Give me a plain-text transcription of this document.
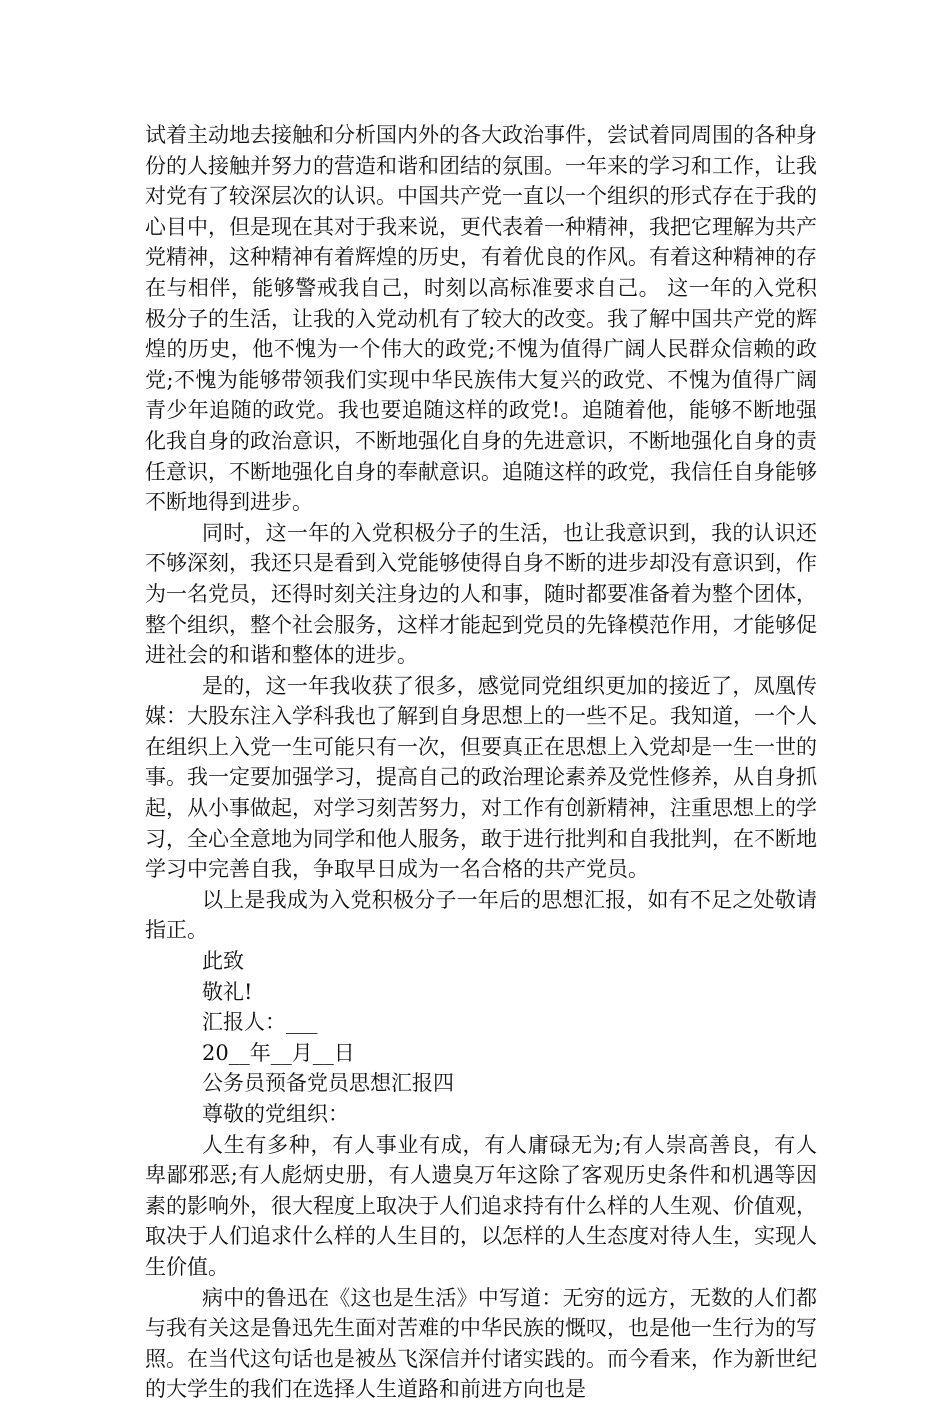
试着主动地去接触和分析国内外的各大政治事件，尝试着同周围的各种身份的人接触并努力的营造和谐和团结的氛围。一年来的学习和工作，让我对党有了较深层次的认识。中国共产党一直以一个组织的形式存在于我的心目中，但是现在其对于我来说，更代表着一种精神，我把它理解为共产党精神，这种精神有着辉煌的历史，有着优良的作风。有着这种精神的存在与相伴，能够警戒我自己，时刻以高标准要求自己。 这一年的入党积极分子的生活，让我的入党动机有了较大的改变。我了解中国共产党的辉煌的历史，他不愧为一个伟大的政党;不愧为值得广阔人民群众信赖的政党;不愧为能够带领我们实现中华民族伟大复兴的政党、不愧为值得广阔青少年追随的政党。我也要追随这样的政党!。追随着他，能够不断地强化我自身的政治意识，不断地强化自身的先进意识，不断地强化自身的责任意识，不断地强化自身的奉献意识。追随这样的政党，我信任自身能够不断地得到进步。

同时，这一年的入党积极分子的生活，也让我意识到，我的认识还不够深刻，我还只是看到入党能够使得自身不断的进步却没有意识到，作为一名党员，还得时刻关注身边的人和事，随时都要准备着为整个团体，整个组织，整个社会服务，这样才能起到党员的先锋模范作用，才能够促进社会的和谐和整体的进步。

是的，这一年我收获了很多，感觉同党组织更加的接近了，凤凰传媒：大股东注入学科我也了解到自身思想上的一些不足。我知道，一个人在组织上入党一生可能只有一次，但要真正在思想上入党却是一生一世的事。我一定要加强学习，提高自己的政治理论素养及党性修养，从自身抓起，从小事做起，对学习刻苦努力，对工作有创新精神，注重思想上的学习，全心全意地为同学和他人服务，敢于进行批判和自我批判，在不断地学习中完善自我，争取早日成为一名合格的共产党员。

以上是我成为入党积极分子一年后的思想汇报，如有不足之处敬请指正。

此致

敬礼!

汇报人：___

20__年__月__日

公务员预备党员思想汇报四

尊敬的党组织：

人生有多种，有人事业有成，有人庸碌无为;有人崇高善良，有人卑鄙邪恶;有人彪炳史册，有人遗臭万年这除了客观历史条件和机遇等因素的影响外，很大程度上取决于人们追求持有什么样的人生观、价值观，取决于人们追求什么样的人生目的，以怎样的人生态度对待人生，实现人生价值。

病中的鲁迅在《这也是生活》中写道：无穷的远方，无数的人们都与我有关这是鲁迅先生面对苦难的中华民族的慨叹，也是他一生行为的写照。在当代这句话也是被丛飞深信并付诸实践的。而今看来，作为新世纪的大学生的我们在选择人生道路和前进方向也是
